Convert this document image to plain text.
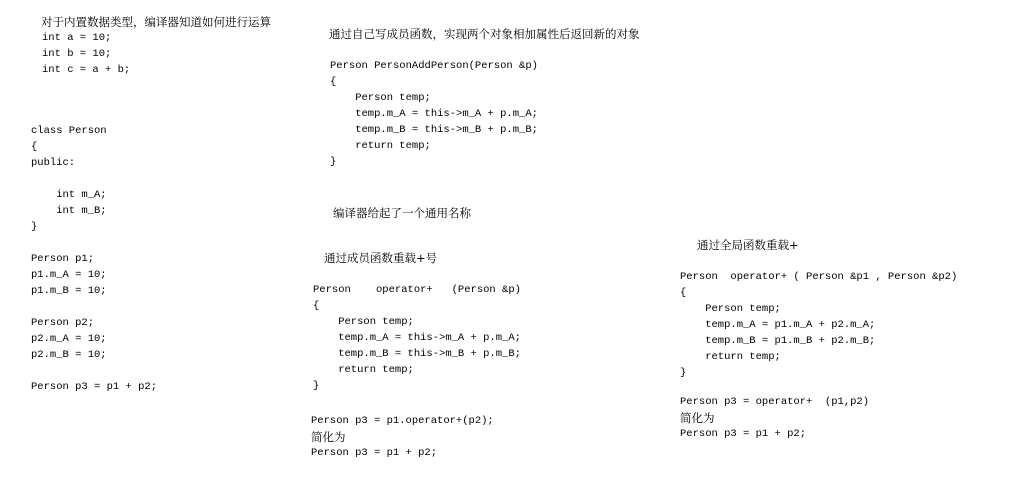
对于内置数据类型，编译器知道如何进行运算
int a = 10;
int b = 10;
int c = a + b;
class Person
{
public:
int m_A;
int m_B;
}
Person p1;
p1.m_A = 10;
p1.m_B = 10;
Person p2;
p2.m_A = 10;
p2.m_B = 10;
Person p3 = p1 + p2;
通过自己写成员函数，实现两个对象相加属性后返回新的对象
Person PersonAddPerson(Person &p)
{
Person temp;
temp.m_A = this->m_A + p.m_A;
temp.m_B = this->m_B + p.m_B;
return temp;
}
编译器给起了一个通用名称
通过成员函数重载+号
Person    operator+   (Person &p)
{
Person temp;
temp.m_A = this->m_A + p.m_A;
temp.m_B = this->m_B + p.m_B;
return temp;
}
Person p3 = p1.operator+(p2);
简化为
Person p3 = p1 + p2;
通过全局函数重载+
Person  operator+ ( Person &p1 , Person &p2)
{
Person temp;
temp.m_A = p1.m_A + p2.m_A;
temp.m_B = p1.m_B + p2.m_B;
return temp;
}
Person p3 = operator+  (p1,p2)
简化为
Person p3 = p1 + p2;
